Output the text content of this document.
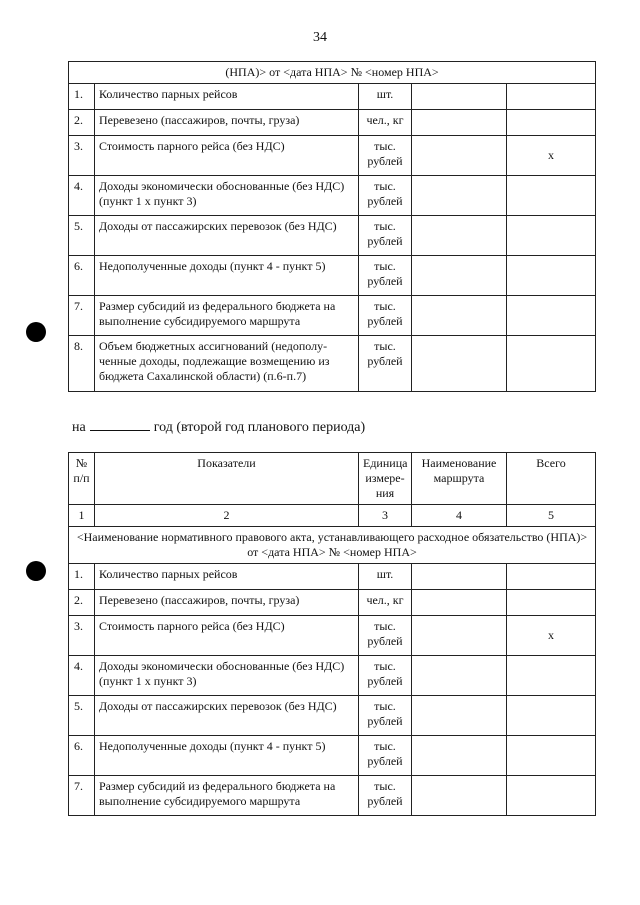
34
(НПА)> от <дата НПА> № <номер НПА>				
1.	Количество парных рейсов	шт.		
2.	Перевезено (пассажиров, почты, груза)	чел., кг		
3.	Стоимость парного рейса (без НДС)	тыс. рублей		х
4.	Доходы экономически обоснованные (без НДС) (пункт 1 х пункт 3)	тыс. рублей		
5.	Доходы от пассажирских перевозок (без НДС)	тыс. рублей		
6.	Недополученные доходы (пункт 4 - пункт 5)	тыс. рублей		
7.	Размер субсидий из федерального бюджета на выполнение субсидируемого маршрута	тыс. рублей		
8.	Объем бюджетных ассигнований (недополу-ченные доходы, подлежащие возмещению из бюджета Сахалинской области) (п.6-п.7)	тыс. рублей		
на	год (второй год планового периода)
№ п/п	Показатели	Единица измере-ния	Наименование маршрута	Всего
1	2	3	4	5
<Наименование нормативного правового акта, устанавливающего расходное обязательство (НПА)> от <дата НПА> № <номер НПА>				
1.	Количество парных рейсов	шт.		
2.	Перевезено (пассажиров, почты, груза)	чел., кг		
3.	Стоимость парного рейса (без НДС)	тыс. рублей		х
4.	Доходы экономически обоснованные (без НДС) (пункт 1 х пункт 3)	тыс. рублей		
5.	Доходы от пассажирских перевозок (без НДС)	тыс. рублей		
6.	Недополученные доходы (пункт 4 - пункт 5)	тыс. рублей		
7.	Размер субсидий из федерального бюджета на выполнение субсидируемого маршрута	тыс. рублей		
